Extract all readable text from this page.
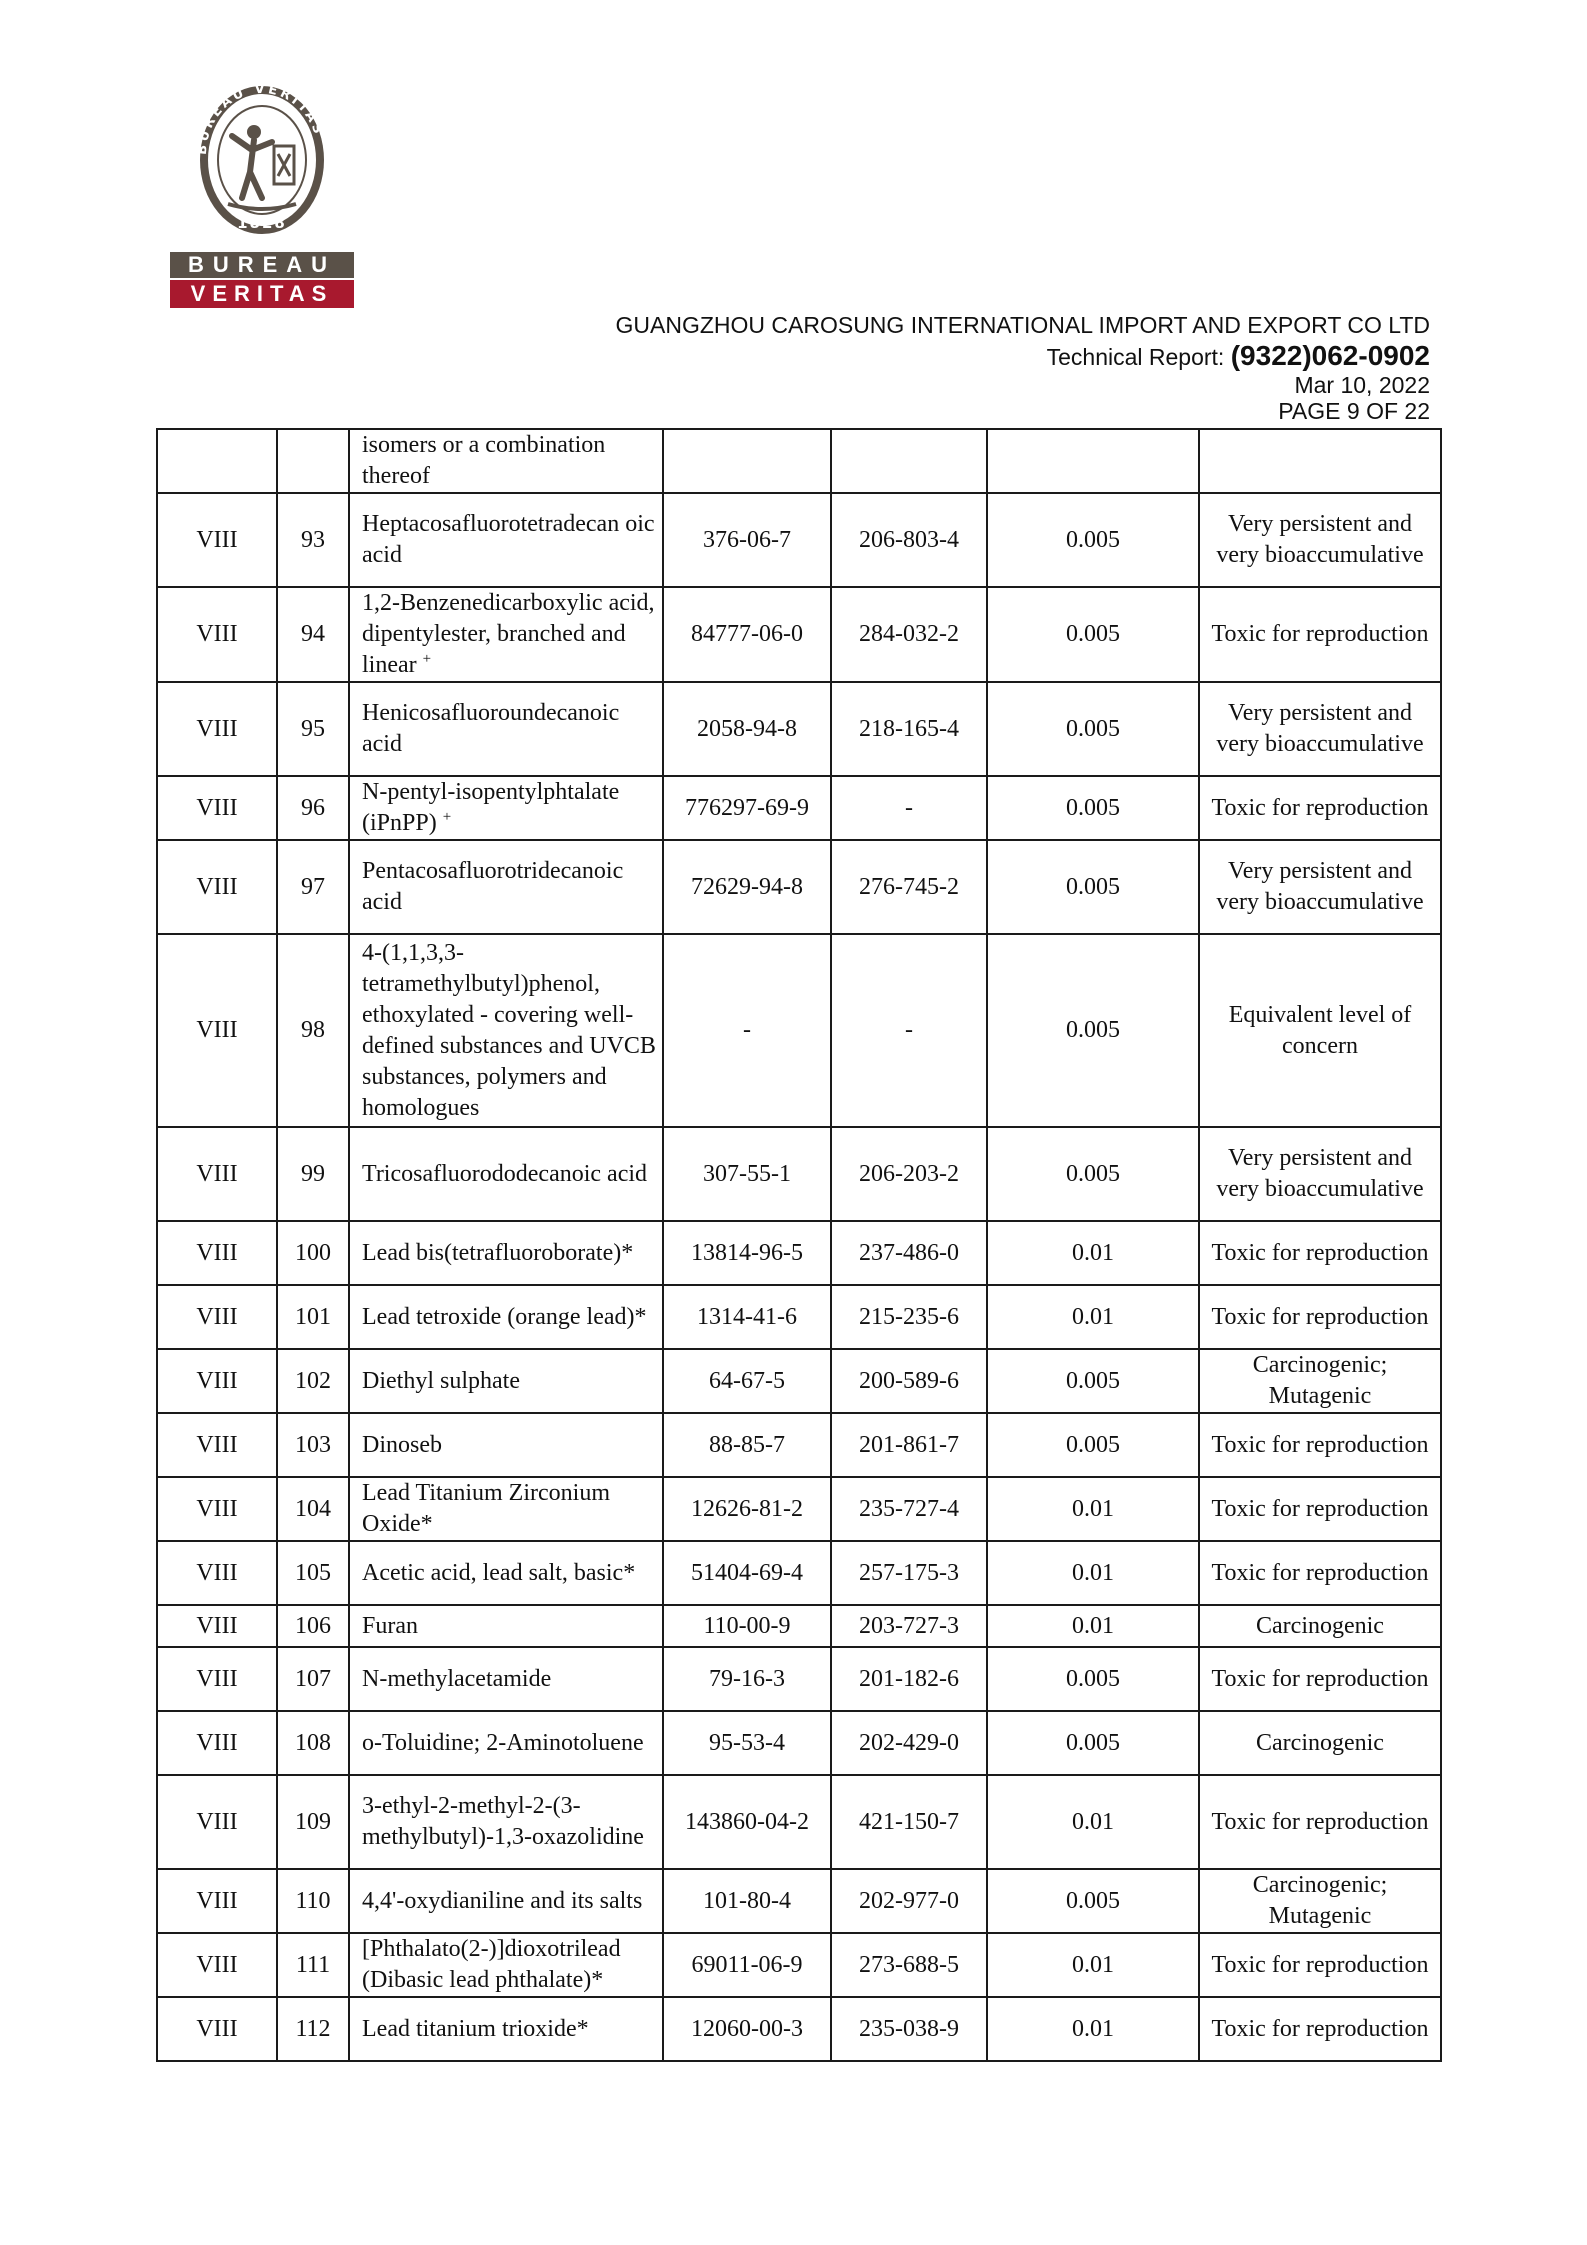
BUREAU VERITAS
1828
BUREAU
VERITAS
GUANGZHOU CAROSUNG INTERNATIONAL IMPORT AND EXPORT CO LTD
Technical Report: (9322)062-0902
Mar 10, 2022
PAGE 9 OF 22
		isomers or a combination thereof				
VIII	93	Heptacosafluorotetradecan oic acid	376-06-7	206-803-4	0.005	Very persistent and very bioaccumulative
VIII	94	1,2-Benzenedicarboxylic acid, dipentylester, branched and linear +	84777-06-0	284-032-2	0.005	Toxic for reproduction
VIII	95	Henicosafluoroundecanoic acid	2058-94-8	218-165-4	0.005	Very persistent and very bioaccumulative
VIII	96	N-pentyl-isopentylphtalate (iPnPP) +	776297-69-9	-	0.005	Toxic for reproduction
VIII	97	Pentacosafluorotridecanoic acid	72629-94-8	276-745-2	0.005	Very persistent and very bioaccumulative
VIII	98	4-(1,1,3,3-tetramethylbutyl)phenol, ethoxylated - covering well-defined substances and UVCB substances, polymers and homologues	-	-	0.005	Equivalent level of concern
VIII	99	Tricosafluorododecanoic acid	307-55-1	206-203-2	0.005	Very persistent and very bioaccumulative
VIII	100	Lead bis(tetrafluoroborate)*	13814-96-5	237-486-0	0.01	Toxic for reproduction
VIII	101	Lead tetroxide (orange lead)*	1314-41-6	215-235-6	0.01	Toxic for reproduction
VIII	102	Diethyl sulphate	64-67-5	200-589-6	0.005	Carcinogenic; Mutagenic
VIII	103	Dinoseb	88-85-7	201-861-7	0.005	Toxic for reproduction
VIII	104	Lead Titanium Zirconium Oxide*	12626-81-2	235-727-4	0.01	Toxic for reproduction
VIII	105	Acetic acid, lead salt, basic*	51404-69-4	257-175-3	0.01	Toxic for reproduction
VIII	106	Furan	110-00-9	203-727-3	0.01	Carcinogenic
VIII	107	N-methylacetamide	79-16-3	201-182-6	0.005	Toxic for reproduction
VIII	108	o-Toluidine; 2-Aminotoluene	95-53-4	202-429-0	0.005	Carcinogenic
VIII	109	3-ethyl-2-methyl-2-(3-methylbutyl)-1,3-oxazolidine	143860-04-2	421-150-7	0.01	Toxic for reproduction
VIII	110	4,4'-oxydianiline and its salts	101-80-4	202-977-0	0.005	Carcinogenic; Mutagenic
VIII	111	[Phthalato(2-)]dioxotrilead (Dibasic lead phthalate)*	69011-06-9	273-688-5	0.01	Toxic for reproduction
VIII	112	Lead titanium trioxide*	12060-00-3	235-038-9	0.01	Toxic for reproduction
